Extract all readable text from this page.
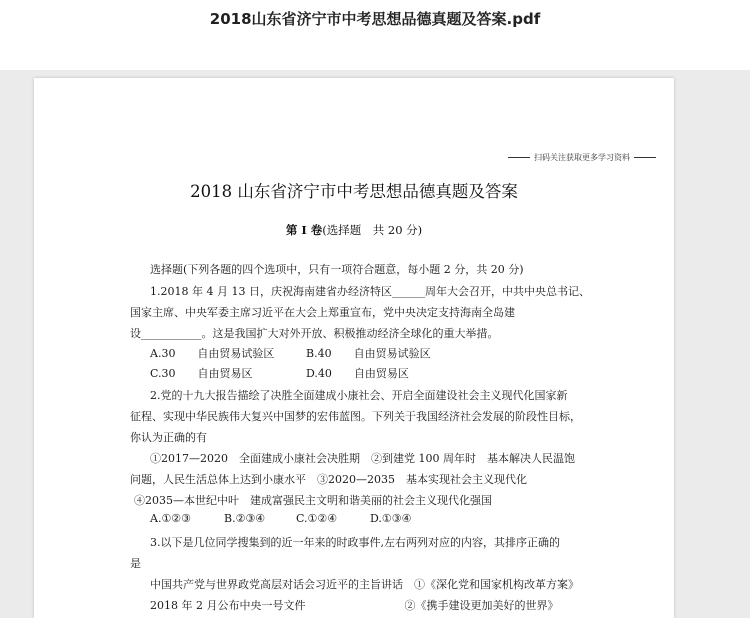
2018山东省济宁市中考思想品德真题及答案.pdf
扫码关注获取更多学习资料
2018 山东省济宁市中考思想品德真题及答案
第 I 卷(选择题　共 20 分)
选择题(下列各题的四个选项中，只有一项符合题意，每小题 2 分，共 20 分)
1.2018 年 4 月 13 日，庆祝海南建省办经济特区______周年大会召开，中共中央总书记、
国家主席、中央军委主席习近平在大会上郑重宣布，党中央决定支持海南全岛建
设___________。这是我国扩大对外开放、积极推动经济全球化的重大举措。
A.30　　自由贸易试验区	B.40　　自由贸易试验区
C.30　　自由贸易区	D.40　　自由贸易区
2.党的十九大报告描绘了决胜全面建成小康社会、开启全面建设社会主义现代化国家新
征程、实现中华民族伟大复兴中国梦的宏伟蓝图。下列关于我国经济社会发展的阶段性目标，
你认为正确的有
①2017—2020　全面建成小康社会决胜期　②到建党 100 周年时　基本解决人民温饱
问题，人民生活总体上达到小康水平　③2020—2035　基本实现社会主义现代化
④2035—本世纪中叶　建成富强民主文明和谐美丽的社会主义现代化强国
A.①②③	B.②③④	C.①②④	D.①③④
3.以下是几位同学搜集到的近一年来的时政事件,左右两列对应的内容，其排序正确的
是
中国共产党与世界政党高层对话会习近平的主旨讲话　①《深化党和国家机构改革方案》
2018 年 2 月公布中央一号文件　　　　　　　　　②《携手建设更加美好的世界》
